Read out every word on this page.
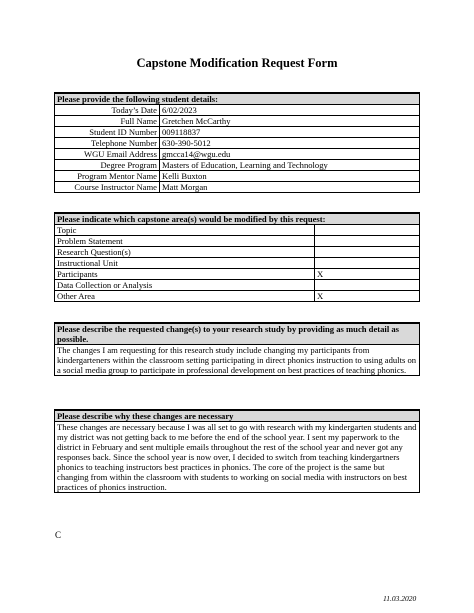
Capstone Modification Request Form
Please provide the following student details:	
Today’s Date	6/02/2023
Full Name	Gretchen McCarthy
Student ID Number	009118837
Telephone Number	630-390-5012
WGU Email Address	gmcca14@wgu.edu
Degree Program	Masters of Education, Learning and Technology
Program Mentor Name	Kelli Buxton
Course Instructor Name	Matt Morgan
Please indicate which capstone area(s) would be modified by this request:	
Topic	
Problem Statement	
Research Question(s)	
Instructional Unit	
Participants	X
Data Collection or Analysis	
Other Area	X
Please describe the requested change(s) to your research study by providing as much detail as possible.
The changes I am requesting for this research study include changing my participants from kindergarteners within the classroom setting participating in direct phonics instruction to using adults on a social media group to participate in professional development on best practices of teaching phonics.
Please describe why these changes are necessary
These changes are necessary because I was all set to go with research with my kindergarten students and my district was not getting back to me before the end of the school year. I sent my paperwork to the district in February and sent multiple emails throughout the rest of the school year and never got any responses back. Since the school year is now over, I decided to switch from teaching kindergartners phonics to teaching instructors best practices in phonics. The core of the project is the same but changing from within the classroom with students to working on social media with instructors on best practices of phonics instruction.
C
11.03.2020
